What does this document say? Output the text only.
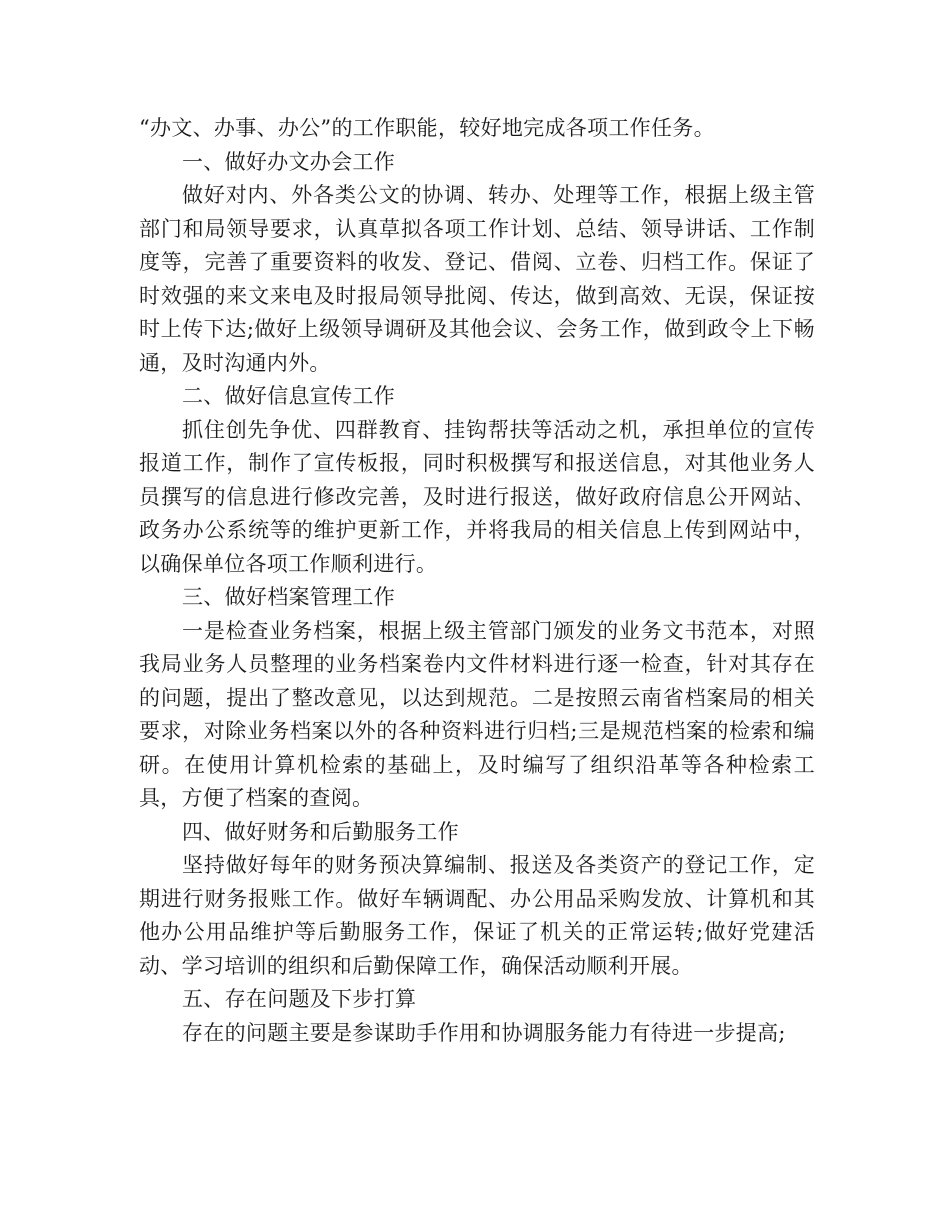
“办文、办事、办公”的工作职能，较好地完成各项工作任务。

一、做好办文办会工作

做好对内、外各类公文的协调、转办、处理等工作，根据上级主管部门和局领导要求，认真草拟各项工作计划、总结、领导讲话、工作制度等，完善了重要资料的收发、登记、借阅、立卷、归档工作。保证了时效强的来文来电及时报局领导批阅、传达，做到高效、无误，保证按时上传下达;做好上级领导调研及其他会议、会务工作，做到政令上下畅通，及时沟通内外。

二、做好信息宣传工作

抓住创先争优、四群教育、挂钩帮扶等活动之机，承担单位的宣传报道工作，制作了宣传板报，同时积极撰写和报送信息，对其他业务人员撰写的信息进行修改完善，及时进行报送，做好政府信息公开网站、政务办公系统等的维护更新工作，并将我局的相关信息上传到网站中，以确保单位各项工作顺利进行。

三、做好档案管理工作

一是检查业务档案，根据上级主管部门颁发的业务文书范本，对照我局业务人员整理的业务档案卷内文件材料进行逐一检查，针对其存在的问题，提出了整改意见，以达到规范。二是按照云南省档案局的相关要求，对除业务档案以外的各种资料进行归档;三是规范档案的检索和编研。在使用计算机检索的基础上，及时编写了组织沿革等各种检索工具，方便了档案的查阅。

四、做好财务和后勤服务工作

坚持做好每年的财务预决算编制、报送及各类资产的登记工作，定期进行财务报账工作。做好车辆调配、办公用品采购发放、计算机和其他办公用品维护等后勤服务工作，保证了机关的正常运转;做好党建活动、学习培训的组织和后勤保障工作，确保活动顺利开展。

五、存在问题及下步打算

存在的问题主要是参谋助手作用和协调服务能力有待进一步提高;
